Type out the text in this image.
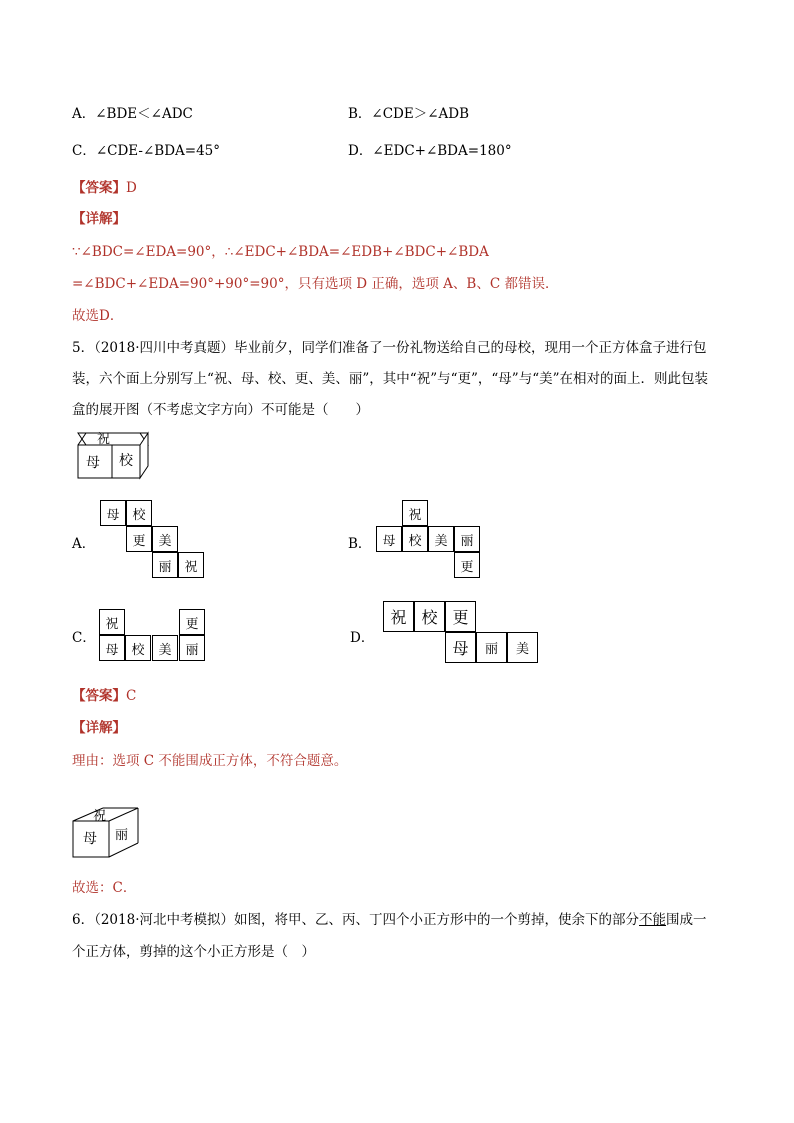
A．∠BDE＜∠ADC	B．∠CDE＞∠ADB
C．∠CDE-∠BDA=45°	D．∠EDC+∠BDA=180°
【答案】D
【详解】
∵∠BDC=∠EDA=90°，∴∠EDC+∠BDA=∠EDB+∠BDC+∠BDA
=∠BDC+∠EDA=90°+90°=90°，只有选项 D 正确，选项 A、B、C 都错误．
故选D．
5．（2018·四川中考真题）毕业前夕，同学们准备了一份礼物送给自己的母校，现用一个正方体盒子进行包
装，六个面上分别写上“祝、母、校、更、美、丽”，其中“祝”与“更”，“母”与“美”在相对的面上．则此包装
盒的展开图（不考虑文字方向）不可能是（　　）
祝
母 校
A．
母 校
更 美
丽 祝
B．
祝
母 校 美 丽
更
C．
祝	更
母 校	美	丽
D．
祝 校 更
母	丽	美
【答案】C
【详解】
理由：选项 C 不能围成正方体，不符合题意。
祝
母 丽
故选：C．
6．（2018·河北中考模拟）如图，将甲、乙、丙、丁四个小正方形中的一个剪掉，使余下的部分不能围成一
个正方体，剪掉的这个小正方形是（　）
